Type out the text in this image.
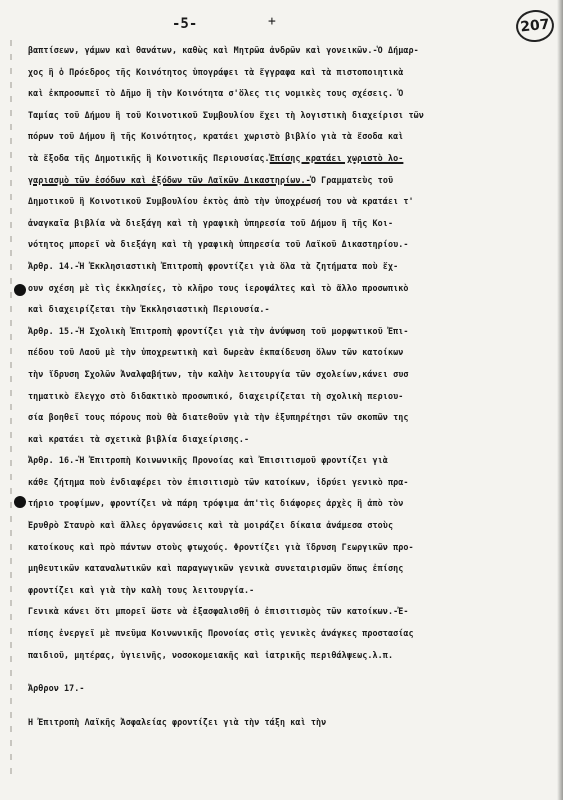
-5-	+	207
βαπτίσεων, γάμων καὶ θανάτων, καθὼς καὶ Μητρῶα ἀνδρῶν καὶ γονεικῶν.-Ὁ Δήμαρ-
χος ἢ ὁ Πρόεδρος τῆς Κοινότητος ὑπογράφει τὰ ἔγγραφα καὶ τὰ πιστοποιητικὰ
καὶ ἐκπροσωπεῖ τὸ Δῆμο ἢ τὴν Κοινότητα σ'ὅλες τις νομικὲς τους σχέσεις. Ὁ
Ταμίας τοῦ Δήμου ἢ τοῦ Κοινοτικοῦ Συμβουλίου ἔχει τὴ λογιστικὴ διαχείρισι τῶν
πόρων τοῦ Δήμου ἢ τῆς Κοινότητος, κρατάει χωριστὸ βιβλίο γιὰ τὰ ἔσοδα καὶ
τὰ ἔξοδα τῆς Δημοτικῆς ἢ Κοινοτικῆς Περιουσίας.Ἐπίσης κρατάει χωριστὸ λο-
γαριασμὸ τῶν ἐσόδων καὶ ἐξόδων τῶν Λαϊκῶν Δικαστηρίων.-Ὁ Γραμματεὺς τοῦ
Δημοτικοῦ ἢ Κοινοτικοῦ Συμβουλίου ἐκτὸς ἀπὸ τὴν ὑποχρέωσή του νὰ κρατάει τ'
ἀναγκαῖα βιβλία νὰ διεξάγη καὶ τὴ γραφικὴ ὑπηρεσία τοῦ Δήμου ἢ τῆς Κοι-
νότητος μπορεῖ νὰ διεξάγη καὶ τὴ γραφικὴ ὑπηρεσία τοῦ Λαϊκοῦ Δικαστηρίου.-
Ἀρθρ. 14.-Ἡ Ἐκκλησιαστικὴ Ἐπιτροπὴ φροντίζει γιὰ ὅλα τὰ ζητήματα ποὺ ἔχ-
ουν σχέση μὲ τὶς ἐκκλησίες, τὸ κλῆρο τους ἰεροψάλτες καὶ τὸ ἄλλο προσωπικὸ
καὶ διαχειρίζεται τὴν Ἐκκλησιαστικὴ Περιουσία.-
Ἀρθρ. 15.-Ἡ Σχολικὴ Ἐπιτροπὴ φροντίζει γιὰ τὴν ἀνύψωση τοῦ μορφωτικοῦ Ἐπι-
πέδου τοῦ Λαοῦ μὲ τὴν ὑποχρεωτικὴ καὶ δωρεὰν ἐκπαίδευση ὅλων τῶν κατοίκων
τὴν ἴδρυση Σχολῶν Ἀναλφαβήτων, τὴν καλὴν λειτουργία τῶν σχολείων,κάνει συσ
τηματικὸ ἔλεγχο στὸ διδακτικὸ προσωπικό, διαχειρίζεται τὴ σχολικὴ περιου-
σία βοηθεῖ τους πόρους ποὺ θὰ διατεθοῦν γιὰ τὴν ἐξυπηρέτησι τῶν σκοπῶν της
καὶ κρατάει τὰ σχετικὰ βιβλία διαχείρισης.-
Ἀρθρ. 16.-Ἡ Ἐπιτροπὴ Κοινωνικῆς Προνοίας καὶ Ἐπισιτισμοῦ φροντίζει γιὰ
κάθε ζήτημα ποὺ ἐνδιαφέρει τὸν ἐπισιτισμὸ τῶν κατοίκων, ἱδρύει γενικὸ πρα-
τήριο τροφίμων, φροντίζει νὰ πάρη τρόφιμα ἀπ'τὶς διάφορες ἀρχὲς ἢ ἀπὸ τὸν
Ἐρυθρὸ Σταυρὸ καὶ ἄλλες ὀργανώσεις καὶ τὰ μοιράζει δίκαια ἀνάμεσα στοὺς
κατοίκους καὶ πρὸ πάντων στοὺς φτωχούς. Φροντίζει γιὰ ἴδρυση Γεωργικῶν προ-
μηθευτικῶν καταναλωτικῶν καὶ παραγωγικῶν γενικὰ συνεταιρισμῶν ὅπως ἐπίσης
φροντίζει καὶ γιὰ τὴν καλὴ τους λειτουργία.-
Γενικὰ κάνει ὅτι μπορεῖ ὥστε νὰ ἐξασφαλισθῆ ὁ ἐπισιτισμὸς τῶν κατοίκων.-Ἐ-
πίσης ἐνεργεῖ μὲ πνεῦμα Κοινωνικῆς Προνοίας στὶς γενικὲς ἀνάγκες προστασίας
παιδιοῦ, μητέρας, ὑγιεινῆς, νοσοκομειακῆς καὶ ἰατρικῆς περιθάλψεως.λ.π.
Ἀρθρον 17.-
Ἡ Ἐπιτροπὴ Λαϊκῆς Ἀσφαλείας φροντίζει γιὰ τὴν τάξη καὶ τὴν
